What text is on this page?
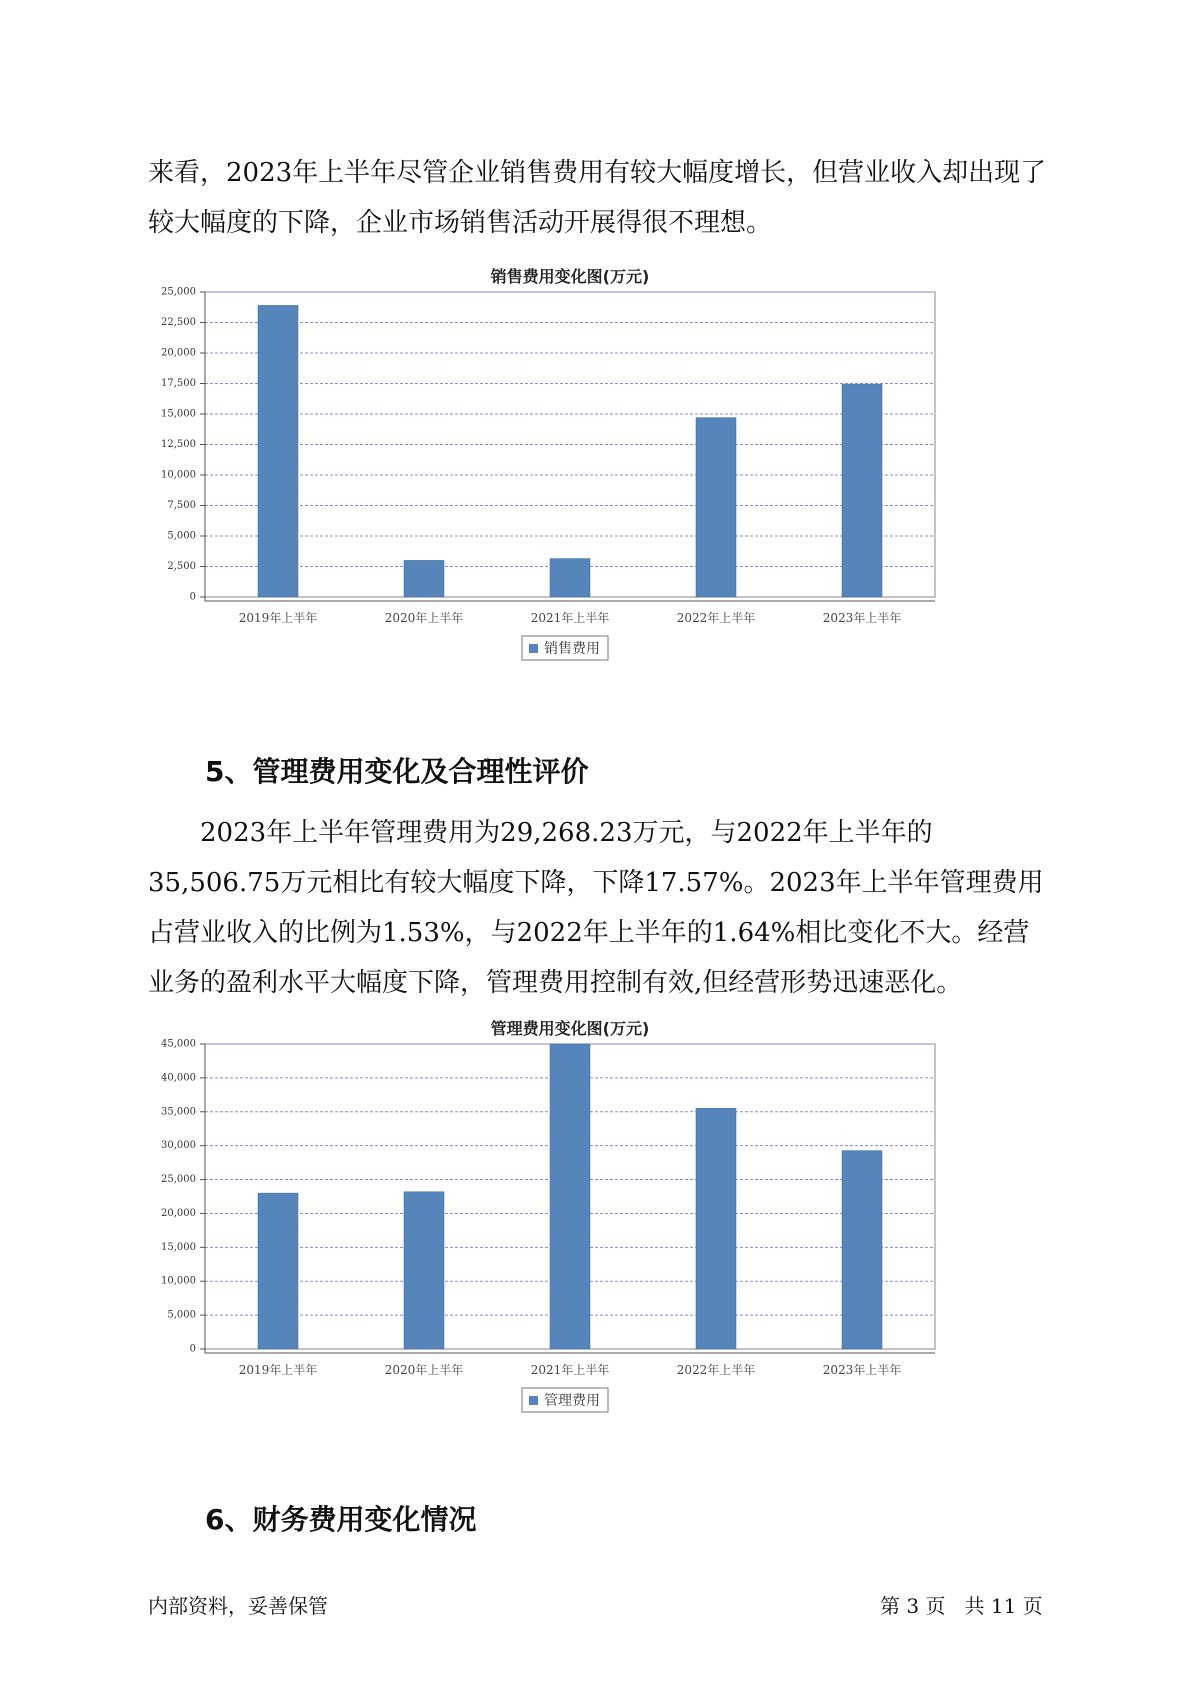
来看，2023年上半年尽管企业销售费用有较大幅度增长，但营业收入却出现了较大幅度的下降，企业市场销售活动开展得很不理想。

销售费用变化图(万元)
0
2,500
5,000
7,500
10,000
12,500
15,000
17,500
20,000
22,500
25,000
2019年上半年	2020年上半年	2021年上半年	2022年上半年	2023年上半年
销售费用
5、管理费用变化及合理性评价

2023年上半年管理费用为29,268.23万元，与2022年上半年的35,506.75万元相比有较大幅度下降，下降17.57%。2023年上半年管理费用占营业收入的比例为1.53%，与2022年上半年的1.64%相比变化不大。经营业务的盈利水平大幅度下降，管理费用控制有效,但经营形势迅速恶化。

管理费用变化图(万元)
0
5,000
10,000
15,000
20,000
25,000
30,000
35,000
40,000
45,000
2019年上半年	2020年上半年	2021年上半年	2022年上半年	2023年上半年
管理费用
6、财务费用变化情况
内部资料，妥善保管	第 3 页   共 11 页
